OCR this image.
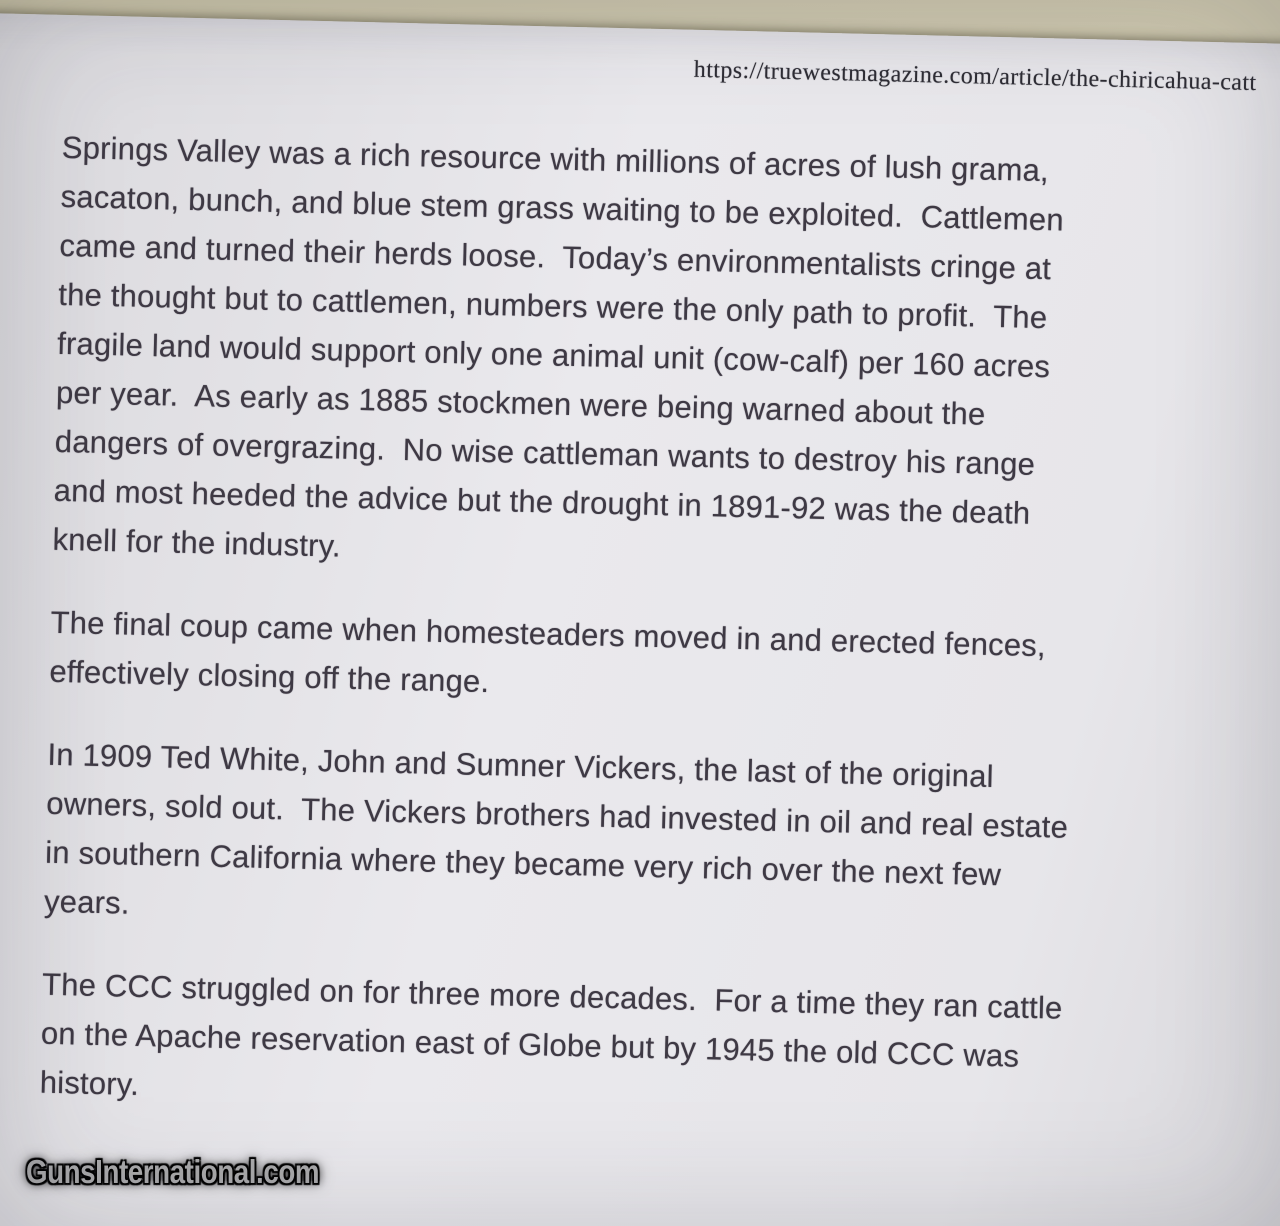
https://truewestmagazine.com/article/the-chiricahua-catt
Springs Valley was a rich resource with millions of acres of lush grama,
sacaton, bunch, and blue stem grass waiting to be exploited.  Cattlemen
came and turned their herds loose.  Today’s environmentalists cringe at
the thought but to cattlemen, numbers were the only path to profit.  The
fragile land would support only one animal unit (cow-calf) per 160 acres
per year.  As early as 1885 stockmen were being warned about the
dangers of overgrazing.  No wise cattleman wants to destroy his range
and most heeded the advice but the drought in 1891-92 was the death
knell for the industry.
The final coup came when homesteaders moved in and erected fences,
effectively closing off the range.
In 1909 Ted White, John and Sumner Vickers, the last of the original
owners, sold out.  The Vickers brothers had invested in oil and real estate
in southern California where they became very rich over the next few
years.
The CCC struggled on for three more decades.  For a time they ran cattle
on the Apache reservation east of Globe but by 1945 the old CCC was
history.
GunsInternational.com
